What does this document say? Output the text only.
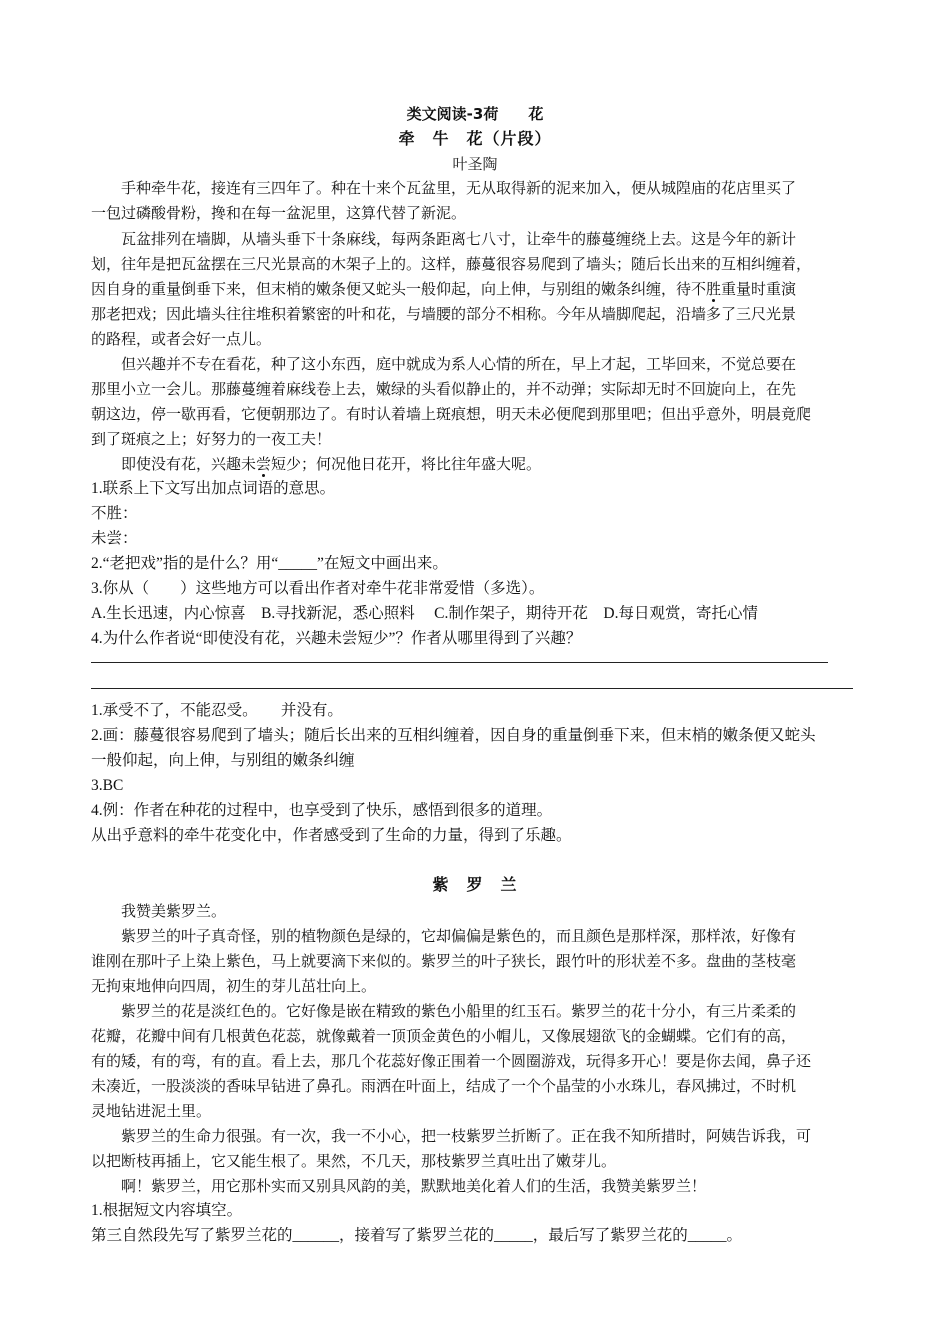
类文阅读-3荷　　花
牵　牛　花（片段）
叶圣陶
手种牵牛花，接连有三四年了。种在十来个瓦盆里，无从取得新的泥来加入，便从城隍庙的花店里买了
一包过磷酸骨粉，搀和在每一盆泥里，这算代替了新泥。
瓦盆排列在墙脚，从墙头垂下十条麻线，每两条距离七八寸，让牵牛的藤蔓缠绕上去。这是今年的新计
划，往年是把瓦盆摆在三尺光景高的木架子上的。这样，藤蔓很容易爬到了墙头；随后长出来的互相纠缠着，
因自身的重量倒垂下来，但末梢的嫩条便又蛇头一般仰起，向上伸，与别组的嫩条纠缠，待不胜重量时重演
那老把戏；因此墙头往往堆积着繁密的叶和花，与墙腰的部分不相称。今年从墙脚爬起，沿墙多了三尺光景
的路程，或者会好一点儿。
但兴趣并不专在看花，种了这小东西，庭中就成为系人心情的所在，早上才起，工毕回来，不觉总要在
那里小立一会儿。那藤蔓缠着麻线卷上去，嫩绿的头看似静止的，并不动弹；实际却无时不回旋向上，在先
朝这边，停一歇再看，它便朝那边了。有时认着墙上斑痕想，明天未必便爬到那里吧；但出乎意外，明晨竟爬
到了斑痕之上；好努力的一夜工夫！
即使没有花，兴趣未尝短少；何况他日花开，将比往年盛大呢。
1.联系上下文写出加点词语的意思。
不胜：
未尝：
2.“老把戏”指的是什么？用“_____”在短文中画出来。
3.你从（　　）这些地方可以看出作者对牵牛花非常爱惜（多选）。
A.生长迅速，内心惊喜　B.寻找新泥，悉心照料　 C.制作架子，期待开花　D.每日观赏，寄托心情
4.为什么作者说“即使没有花，兴趣未尝短少”？作者从哪里得到了兴趣？
1.承受不了，不能忍受。　　并没有。
2.画：藤蔓很容易爬到了墙头；随后长出来的互相纠缠着，因自身的重量倒垂下来，但末梢的嫩条便又蛇头
一般仰起，向上伸，与别组的嫩条纠缠
3.BC
4.例：作者在种花的过程中，也享受到了快乐，感悟到很多的道理。
从出乎意料的牵牛花变化中，作者感受到了生命的力量，得到了乐趣。
紫　罗　兰
我赞美紫罗兰。
紫罗兰的叶子真奇怪，别的植物颜色是绿的，它却偏偏是紫色的，而且颜色是那样深，那样浓，好像有
谁刚在那叶子上染上紫色，马上就要滴下来似的。紫罗兰的叶子狭长，跟竹叶的形状差不多。盘曲的茎枝毫
无拘束地伸向四周，初生的芽儿茁壮向上。
紫罗兰的花是淡红色的。它好像是嵌在精致的紫色小船里的红玉石。紫罗兰的花十分小，有三片柔柔的
花瓣，花瓣中间有几根黄色花蕊，就像戴着一顶顶金黄色的小帽儿，又像展翅欲飞的金蝴蝶。它们有的高，
有的矮，有的弯，有的直。看上去，那几个花蕊好像正围着一个圆圈游戏，玩得多开心！要是你去闻，鼻子还
未凑近，一股淡淡的香味早钻进了鼻孔。雨洒在叶面上，结成了一个个晶莹的小水珠儿，春风拂过，不时机
灵地钻进泥土里。
紫罗兰的生命力很强。有一次，我一不小心，把一枝紫罗兰折断了。正在我不知所措时，阿姨告诉我，可
以把断枝再插上，它又能生根了。果然，不几天，那枝紫罗兰真吐出了嫩芽儿。
啊！紫罗兰，用它那朴实而又别具风韵的美，默默地美化着人们的生活，我赞美紫罗兰！
1.根据短文内容填空。
第三自然段先写了紫罗兰花的______，接着写了紫罗兰花的_____，最后写了紫罗兰花的_____。
